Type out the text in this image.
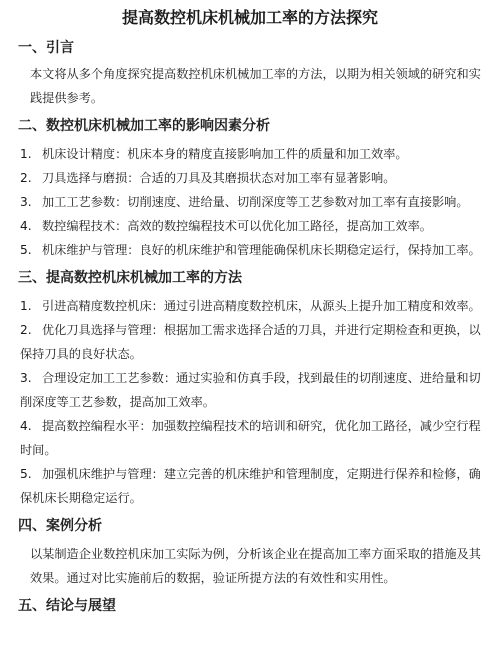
提高数控机床机械加工率的方法探究
一、引言

本文将从多个角度探究提高数控机床机械加工率的方法，以期为相关领域的研究和实践提供参考。

二、数控机床机械加工率的影响因素分析

1. 机床设计精度：机床本身的精度直接影响加工件的质量和加工效率。

2. 刀具选择与磨损：合适的刀具及其磨损状态对加工率有显著影响。

3. 加工工艺参数：切削速度、进给量、切削深度等工艺参数对加工率有直接影响。

4. 数控编程技术：高效的数控编程技术可以优化加工路径，提高加工效率。

5. 机床维护与管理：良好的机床维护和管理能确保机床长期稳定运行，保持加工率。

三、提高数控机床机械加工率的方法

1. 引进高精度数控机床：通过引进高精度数控机床，从源头上提升加工精度和效率。

2. 优化刀具选择与管理：根据加工需求选择合适的刀具，并进行定期检查和更换，以保持刀具的良好状态。

3. 合理设定加工工艺参数：通过实验和仿真手段，找到最佳的切削速度、进给量和切削深度等工艺参数，提高加工效率。

4. 提高数控编程水平：加强数控编程技术的培训和研究，优化加工路径，减少空行程时间。

5. 加强机床维护与管理：建立完善的机床维护和管理制度，定期进行保养和检修，确保机床长期稳定运行。

四、案例分析

以某制造企业数控机床加工实际为例，分析该企业在提高加工率方面采取的措施及其效果。通过对比实施前后的数据，验证所提方法的有效性和实用性。

五、结论与展望
